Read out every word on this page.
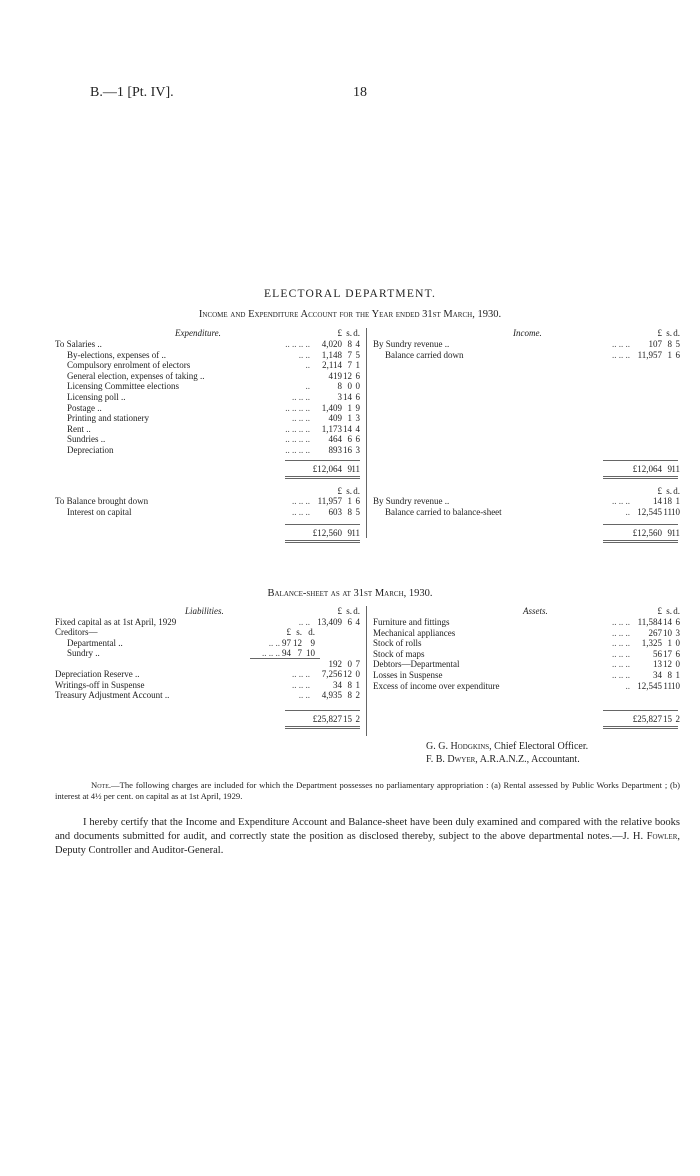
B.—1 [Pt. IV].	18
ELECTORAL DEPARTMENT.
Income and Expenditure Account for the Year ended 31st March, 1930.
Expenditure.	£ s. d.
To Salaries ..	.. .. .. .. 4,020 8 4
By-elections, expenses of ..	.. .. 1,148 7 5
Compulsory enrolment of electors	.. 2,114 7 1
General election, expenses of taking ..	419 12 6
Licensing Committee elections	..	8 0 0
Licensing poll ..	.. .. ..	3 14 6
Postage ..	.. .. .. .. 1,409 1 9
Printing and stationery	.. .. .. 409 1 3
Rent ..	.. .. .. .. 1,173 14 4
Sundries ..	.. .. .. .. 464 6 6
Depreciation	.. .. .. .. 893 16 3
£12,064 9 11
£ s. d.
To Balance brought down	.. .. .. 11,957 1 6
Interest on capital	.. .. .. 603 8 5
£12,560 9 11
Income.	£ s. d.
By Sundry revenue ..	.. .. .. 107 8 5
Balance carried down	.. .. .. 11,957 1 6
£12,064 9 11
£ s. d.
By Sundry revenue ..	.. .. ..	14 18 1
Balance carried to balance-sheet	.. 12,545 11 10
£12,560 9 11
Balance-sheet as at 31st March, 1930.
Liabilities.	£ s. d.
£ s. d.
Fixed capital as at 1st April, 1929	.. .. 13,409 6 4
Creditors—
Departmental ..	.. .. 97 12 9
Sundry ..	.. .. .. 94 7 10
192 0 7
Depreciation Reserve ..	.. .. .. 7,256 12 0
Writings-off in Suspense	.. .. ..	34 8 1
Treasury Adjustment Account ..	.. .. 4,935 8 2
£25,827 15 2
Assets.	£ s. d.
Furniture and fittings	.. .. .. 11,584 14 6
Mechanical appliances	.. .. .. 267 10 3
Stock of rolls	.. .. .. 1,325 1 0
Stock of maps	.. .. ..	56 17 6
Debtors—Departmental	.. .. ..	13 12 0
Losses in Suspense	.. .. ..	34 8 1
Excess of income over expenditure	.. 12,545 11 10
£25,827 15 2
G. G. Hodgkins, Chief Electoral Officer.
F. B. Dwyer, A.R.A.N.Z., Accountant.
Note.—The following charges are included for which the Department possesses no parliamentary appropriation : (a) Rental assessed by Public Works Department ; (b) interest at 4½ per cent. on capital as at 1st April, 1929.
I hereby certify that the Income and Expenditure Account and Balance-sheet have been duly examined and compared with the relative books and documents submitted for audit, and correctly state the position as disclosed thereby, subject to the above departmental notes.—J. H. Fowler, Deputy Controller and Auditor-General.
